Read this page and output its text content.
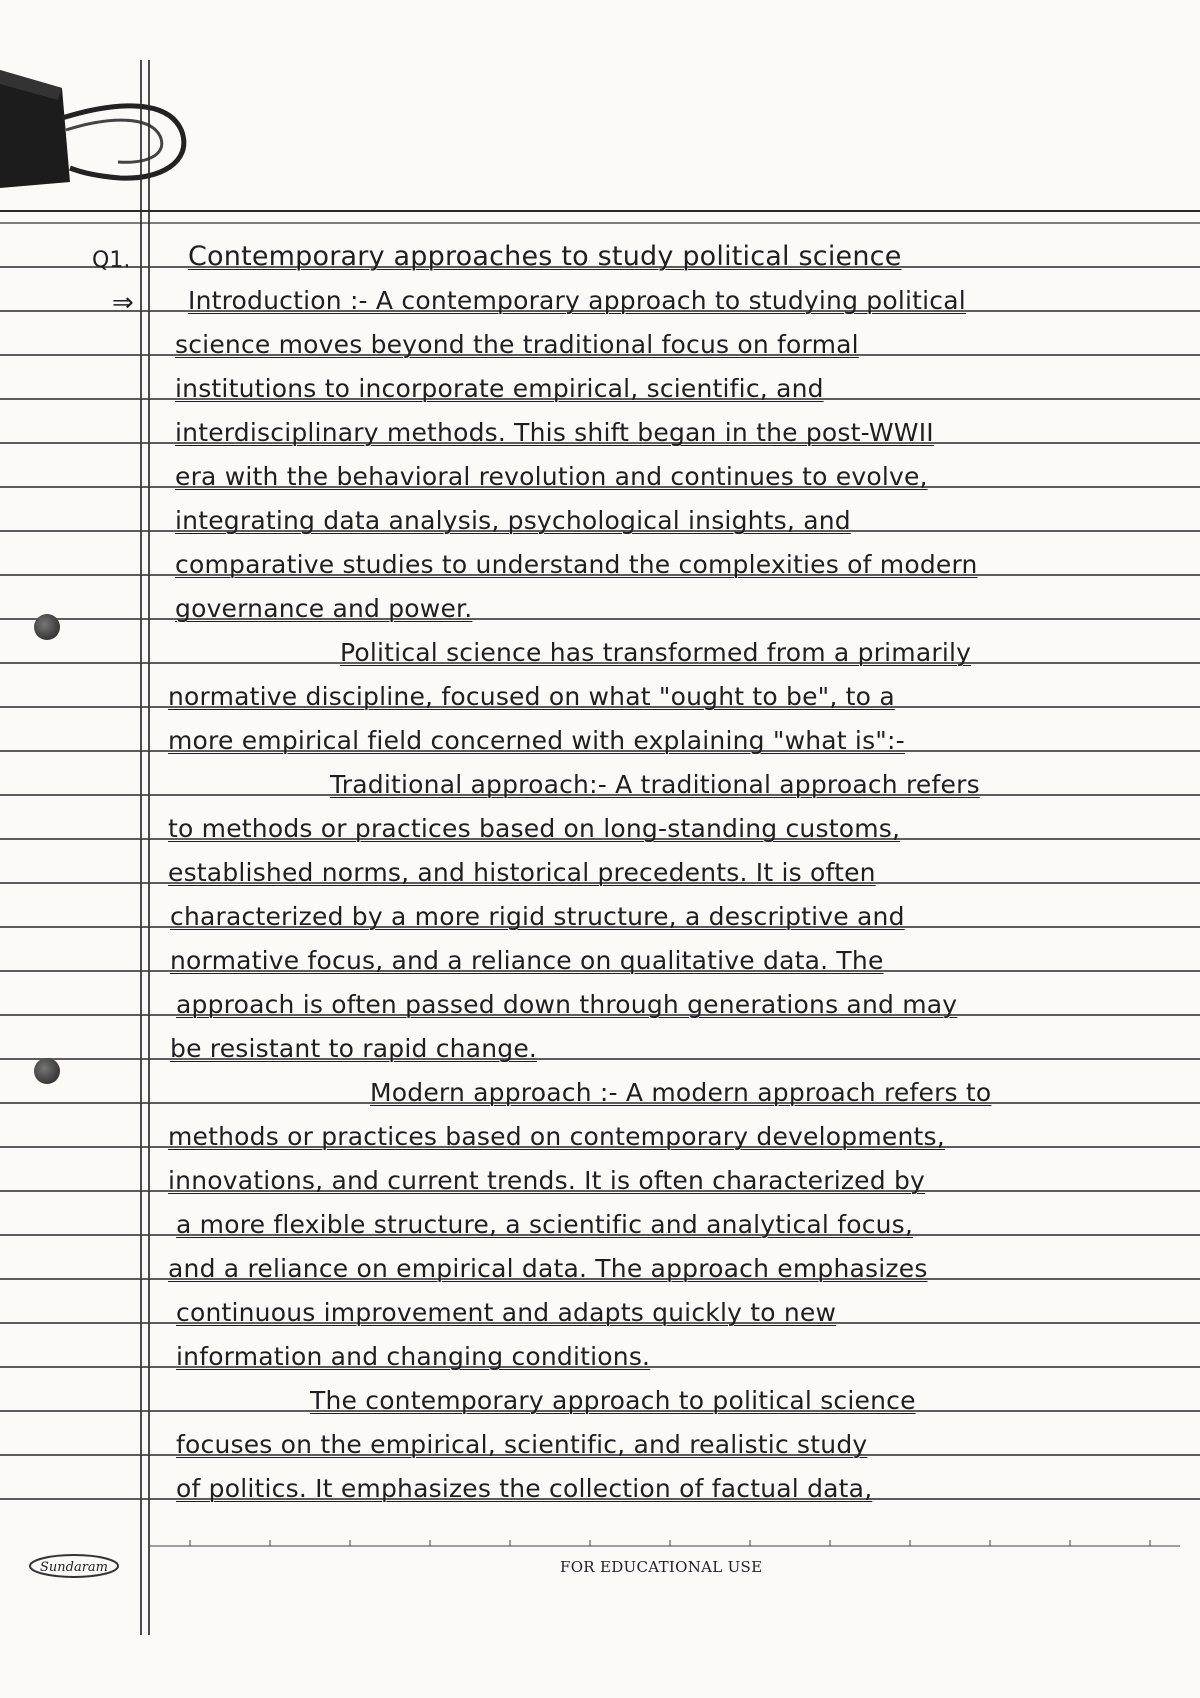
Q1.
⇒
Contemporary approaches to study political science
Introduction :- A contemporary approach to studying political
science moves beyond the traditional focus on formal
institutions to incorporate empirical, scientific, and
interdisciplinary methods. This shift began in the post-WWII
era with the behavioral revolution and continues to evolve,
integrating data analysis, psychological insights, and
comparative studies to understand the complexities of modern
governance and power.
Political science has transformed from a primarily
normative discipline, focused on what "ought to be", to a
more empirical field concerned with explaining "what is":-
Traditional approach:- A traditional approach refers
to methods or practices based on long-standing customs,
established norms, and historical precedents. It is often
characterized by a more rigid structure, a descriptive and
normative focus, and a reliance on qualitative data. The
approach is often passed down through generations and may
be resistant to rapid change.
Modern approach :- A modern approach refers to
methods or practices based on contemporary developments,
innovations, and current trends. It is often characterized by
a more flexible structure, a scientific and analytical focus,
and a reliance on empirical data. The approach emphasizes
continuous improvement and adapts quickly to new
information and changing conditions.
The contemporary approach to political science
focuses on the empirical, scientific, and realistic study
of politics. It emphasizes the collection of factual data,
Sundaram	FOR EDUCATIONAL USE
